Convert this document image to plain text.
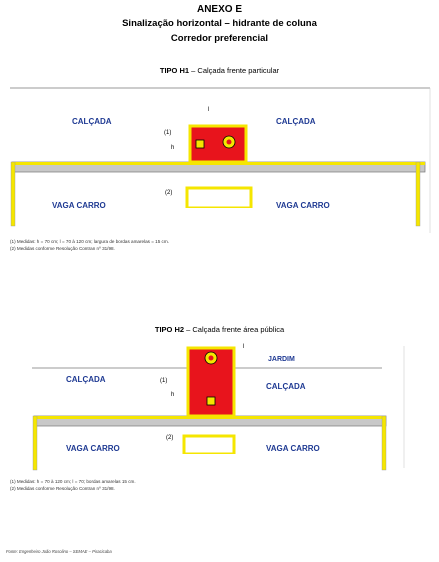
ANEXO E
Sinalização horizontal – hidrante de coluna
Corredor preferencial
TIPO H1 – Calçada frente particular
CALÇADA	CALÇADA
VAGA CARRO	VAGA CARRO
l
h
(1)
(2)
(1) Medidas: h = 70 cm; l = 70 à 120 cm; largura de bordas amarelas = 15 cm.
(2) Medidas conforme Resolução Contran nº 31/98.
TIPO H2 – Calçada frente área pública
JARDIM
CALÇADA
CALÇADA
VAGA CARRO	VAGA CARRO
l
h
(1)
(2)
(1) Medidas: h = 70 à 120 cm; l = 70; bordas amarelas 15 cm.
(2) Medidas conforme Resolução Contran nº 31/98.
Fonte: Engenheiro João Rosolino – SEMAE – Piracicaba
